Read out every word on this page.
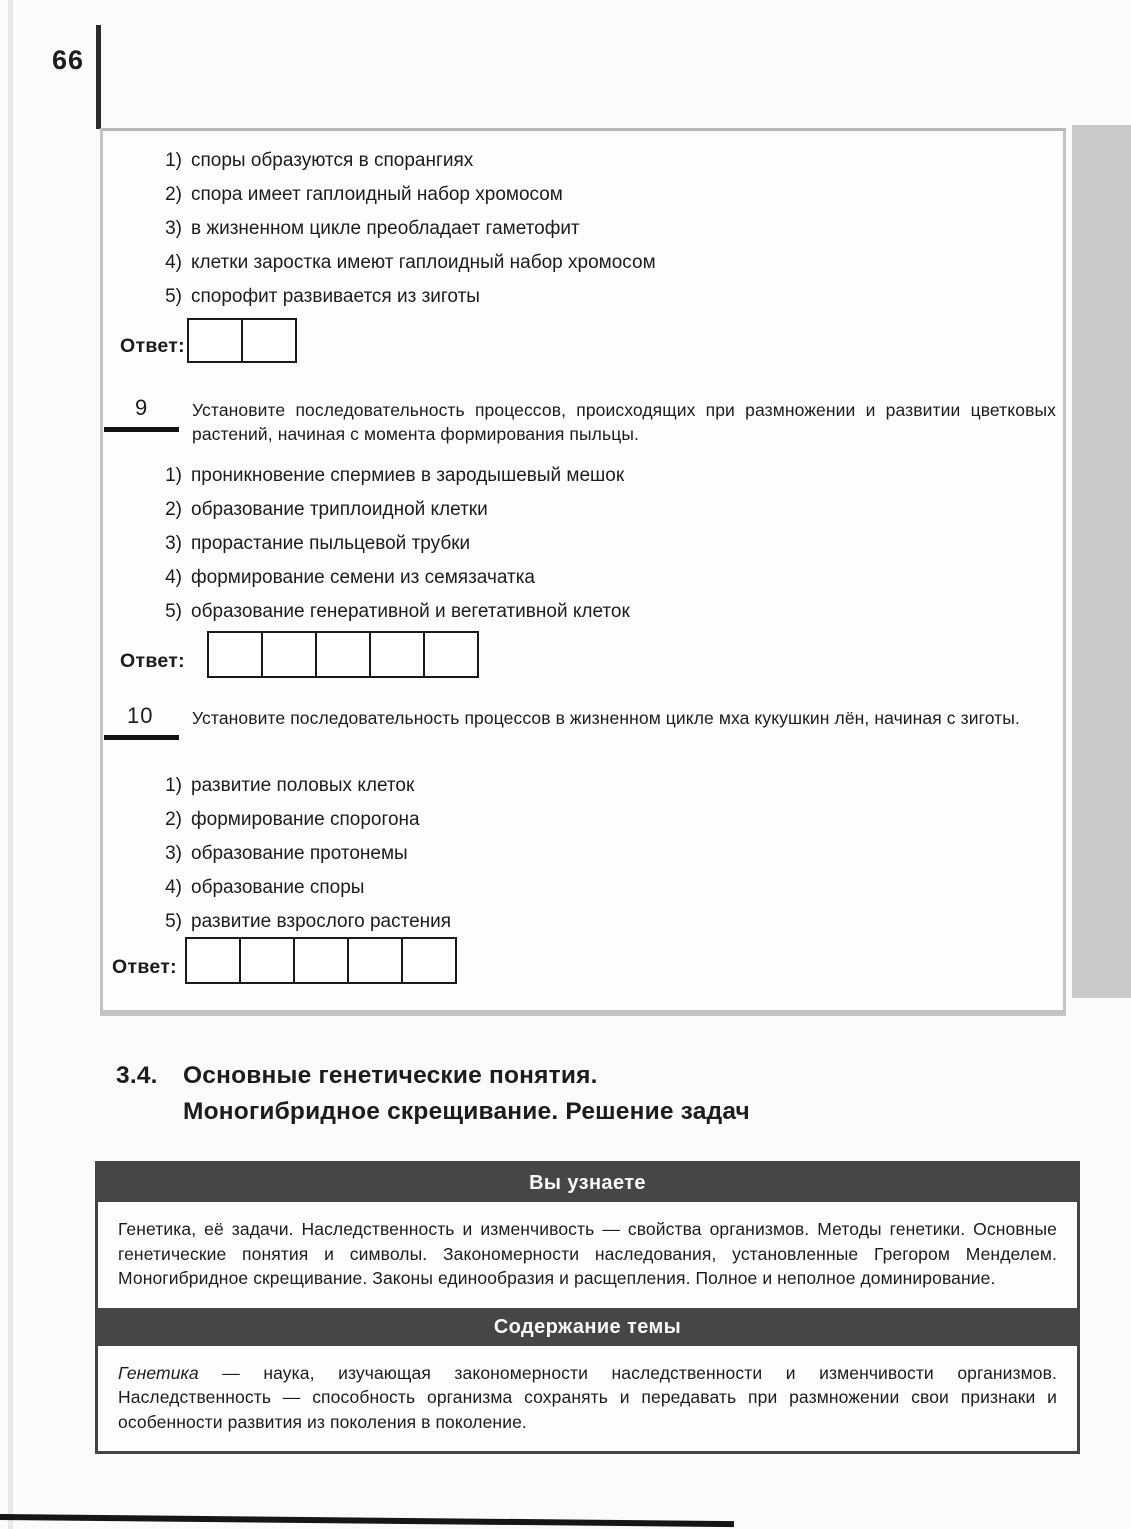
66
1) споры образуются в спорангиях
2) спора имеет гаплоидный набор хромосом
3) в жизненном цикле преобладает гаметофит
4) клетки заростка имеют гаплоидный набор хромосом
5) спорофит развивается из зиготы
Ответ:
9	Установите последовательность процессов, происходящих при размножении и развитии цветковых растений, начиная с момента формирования пыльцы.
1) проникновение спермиев в зародышевый мешок
2) образование триплоидной клетки
3) прорастание пыльцевой трубки
4) формирование семени из семязачатка
5) образование генеративной и вегетативной клеток
Ответ:
10 Установите последовательность процессов в жизненном цикле мха кукушкин лён, начиная с зиготы.
1) развитие половых клеток
2) формирование спорогона
3) образование протонемы
4) образование споры
5) развитие взрослого растения
Ответ:
3.4.	Основные генетические понятия.
Моногибридное скрещивание. Решение задач
Вы узнаете
Генетика, её задачи. Наследственность и изменчивость — свойства организмов. Методы генетики. Основные генетические понятия и символы. Закономерности наследования, установленные Грегором Менделем. Моногибридное скрещивание. Законы единообразия и расщепления. Полное и неполное доминирование.
Содержание темы
Генетика — наука, изучающая закономерности наследственности и изменчивости организмов. Наследственность — способность организма сохранять и передавать при размножении свои признаки и особенности развития из поколения в поколение.
